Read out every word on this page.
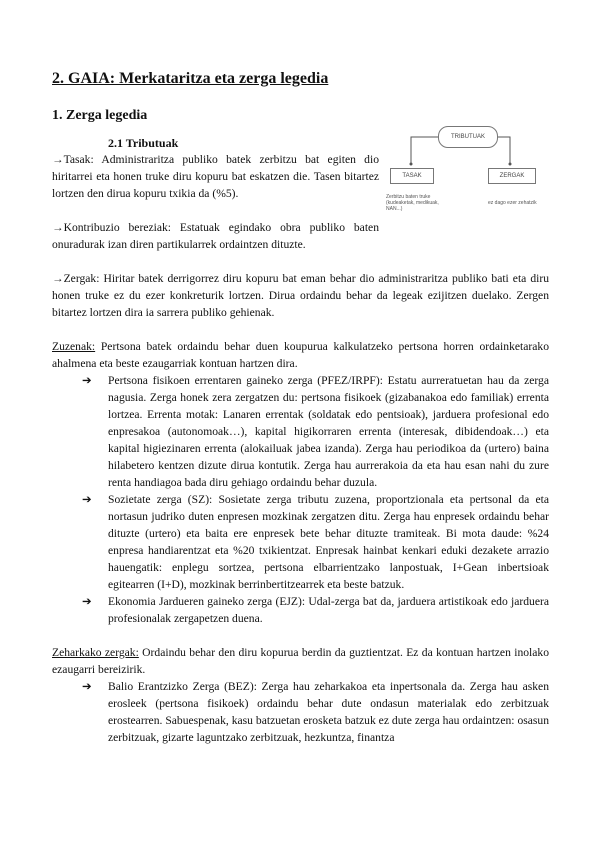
TRIBUTUAK
TASAK	ZERGAK
Zerbitzu baten truke (kudeaketak, medikuak, NAN...)
ez dago ezer zehatzik
2. GAIA: Merkataritza eta zerga legedia
1. Zerga legedia
2.1 Tributuak

→Tasak: Administraritza publiko batek zerbitzu bat egiten dio hiritarrei eta honen truke diru kopuru bat eskatzen die. Tasen bitartez lortzen den dirua kopuru txikia da (%5).

→Kontribuzio bereziak: Estatuak egindako obra publiko baten onuradurak izan diren partikularrek ordaintzen dituzte.

→Zergak: Hiritar batek derrigorrez diru kopuru bat eman behar dio administraritza publiko bati eta diru honen truke ez du ezer konkreturik lortzen. Dirua ordaindu behar da legeak ezijitzen duelako. Zergen bitartez lortzen dira ia sarrera publiko gehienak.

Zuzenak: Pertsona batek ordaindu behar duen koupurua kalkulatzeko pertsona horren ordainketarako ahalmena eta beste ezaugarriak kontuan hartzen dira.

➔ Pertsona fisikoen errentaren gaineko zerga (PFEZ/IRPF): Estatu aurreratuetan hau da zerga nagusia. Zerga honek zera zergatzen du: pertsona fisikoek (gizabanakoa edo familiak) errenta lortzea. Errenta motak: Lanaren errentak (soldatak edo pentsioak), jarduera profesional edo enpresakoa (autonomoak…), kapital higikorraren errenta (interesak, dibidendoak…) eta kapital higiezinaren errenta (alokailuak jabea izanda). Zerga hau periodikoa da (urtero) baina hilabetero kentzen dizute dirua kontutik. Zerga hau aurrerakoia da eta hau esan nahi du zure renta handiagoa bada diru gehiago ordaindu behar duzula.
➔ Sozietate zerga (SZ): Sosietate zerga tributu zuzena, proportzionala eta pertsonal da eta nortasun judriko duten enpresen mozkinak zergatzen ditu. Zerga hau enpresek ordaindu behar dituzte (urtero) eta baita ere enpresek bete behar dituzte tramiteak. Bi mota daude: %24 enpresa handiarentzat eta %20 txikientzat. Enpresak hainbat kenkari eduki dezakete arrazio hauengatik: enplegu sortzea, pertsona elbarrientzako lanpostuak, I+Gean inbertsioak egitearren (I+D), mozkinak berrinbertitzearrek eta beste batzuk.
➔ Ekonomia Jardueren gaineko zerga (EJZ): Udal-zerga bat da, jarduera artistikoak edo jarduera profesionalak zergapetzen duena.

Zeharkako zergak: Ordaindu behar den diru kopurua berdin da guztientzat. Ez da kontuan hartzen inolako ezaugarri bereizirik.

➔ Balio Erantzizko Zerga (BEZ): Zerga hau zeharkakoa eta inpertsonala da. Zerga hau asken erosleek (pertsona fisikoek) ordaindu behar dute ondasun materialak edo zerbitzuak erostearren. Sabuespenak, kasu batzuetan erosketa batzuk ez dute zerga hau ordaintzen: osasun zerbitzuak, gizarte laguntzako zerbitzuak, hezkuntza, finantza
